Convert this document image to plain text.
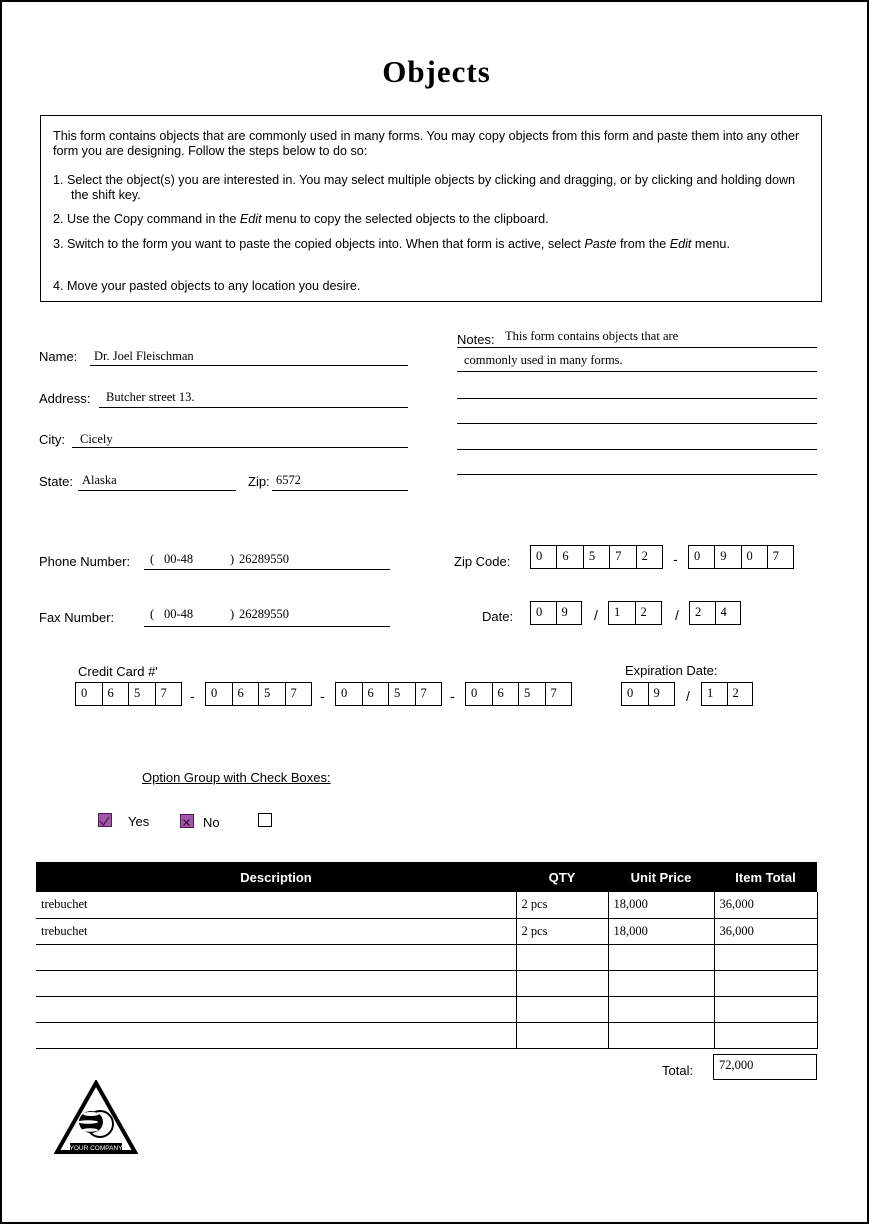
Objects
This form contains objects that are commonly used in many forms. You may copy objects from this form and paste them into any other form you are designing. Follow the steps below to do so:
1. Select the object(s) you are interested in. You may select multiple objects by clicking and dragging, or by clicking and holding down the shift key.
2. Use the Copy command in the Edit menu to copy the selected objects to the clipboard.
3. Switch to the form you want to paste the copied objects into. When that form is active, select Paste from the Edit menu.
4. Move your pasted objects to any location you desire.
Name: Dr. Joel Fleischman
Address: Butcher street 13.
City: Cicely
State: Alaska	Zip: 6572
Notes: This form contains objects that are
commonly used in many forms.
Phone Number: ( 00-48	) 26289550
Fax Number:	( 00-48	) 26289550
Zip Code:	0	6	5	7	2	-	0	9	0	7
Date:	0	9	/	1	2	/	2	4
Credit Card #'
0	6	5	7	-	0	6	5	7	-	0	6	5	7	-	0	6	5	7
Expiration Date:
0	9	/	1	2
Option Group with Check Boxes:
Yes	No
Description	QTY	Unit Price	Item Total
trebuchet	2 pcs	18,000	36,000
trebuchet	2 pcs	18,000	36,000

Total:	72,000
YOUR COMPANY
